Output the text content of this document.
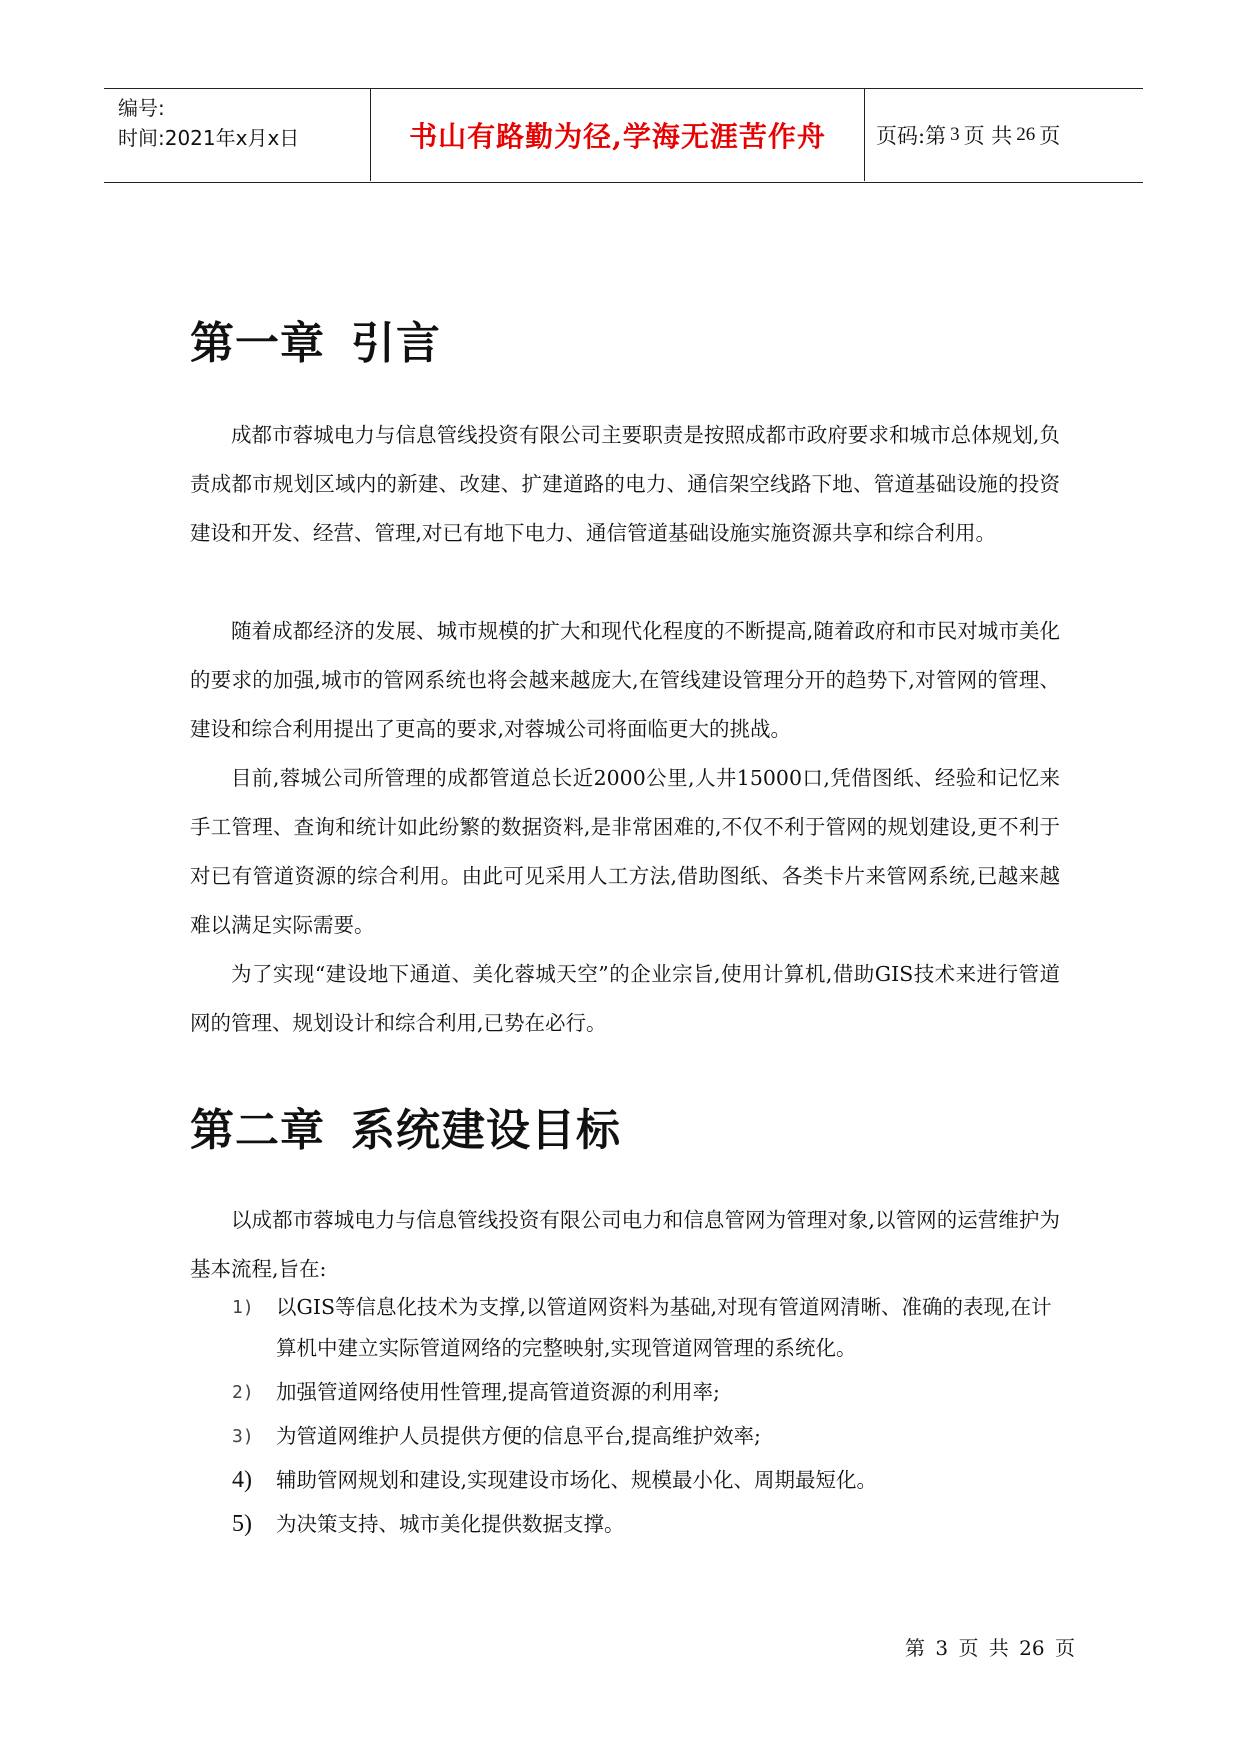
编号:
时间:2021年x月x日	书山有路勤为径,学海无涯苦作舟	页码:第 3 页 共 26 页
第一章 引言

成都市蓉城电力与信息管线投资有限公司主要职责是按照成都市政府要求和城市总体规划,负责成都市规划区域内的新建、改建、扩建道路的电力、通信架空线路下地、管道基础设施的投资建设和开发、经营、管理,对已有地下电力、通信管道基础设施实施资源共享和综合利用。

随着成都经济的发展、城市规模的扩大和现代化程度的不断提高,随着政府和市民对城市美化的要求的加强,城市的管网系统也将会越来越庞大,在管线建设管理分开的趋势下,对管网的管理、建设和综合利用提出了更高的要求,对蓉城公司将面临更大的挑战。

目前,蓉城公司所管理的成都管道总长近2000公里,人井15000口,凭借图纸、经验和记忆来手工管理、查询和统计如此纷繁的数据资料,是非常困难的,不仅不利于管网的规划建设,更不利于对已有管道资源的综合利用。由此可见采用人工方法,借助图纸、各类卡片来管网系统,已越来越难以满足实际需要。

为了实现“建设地下通道、美化蓉城天空”的企业宗旨,使用计算机,借助GIS技术来进行管道网的管理、规划设计和综合利用,已势在必行。

第二章 系统建设目标

以成都市蓉城电力与信息管线投资有限公司电力和信息管网为管理对象,以管网的运营维护为基本流程,旨在:

1) 以GIS等信息化技术为支撑,以管道网资料为基础,对现有管道网清晰、准确的表现,在计算机中建立实际管道网络的完整映射,实现管道网管理的系统化。
2) 加强管道网络使用性管理,提高管道资源的利用率;
3) 为管道网维护人员提供方便的信息平台,提高维护效率;
4) 辅助管网规划和建设,实现建设市场化、规模最小化、周期最短化。
5) 为决策支持、城市美化提供数据支撑。
第 3 页 共 26 页
